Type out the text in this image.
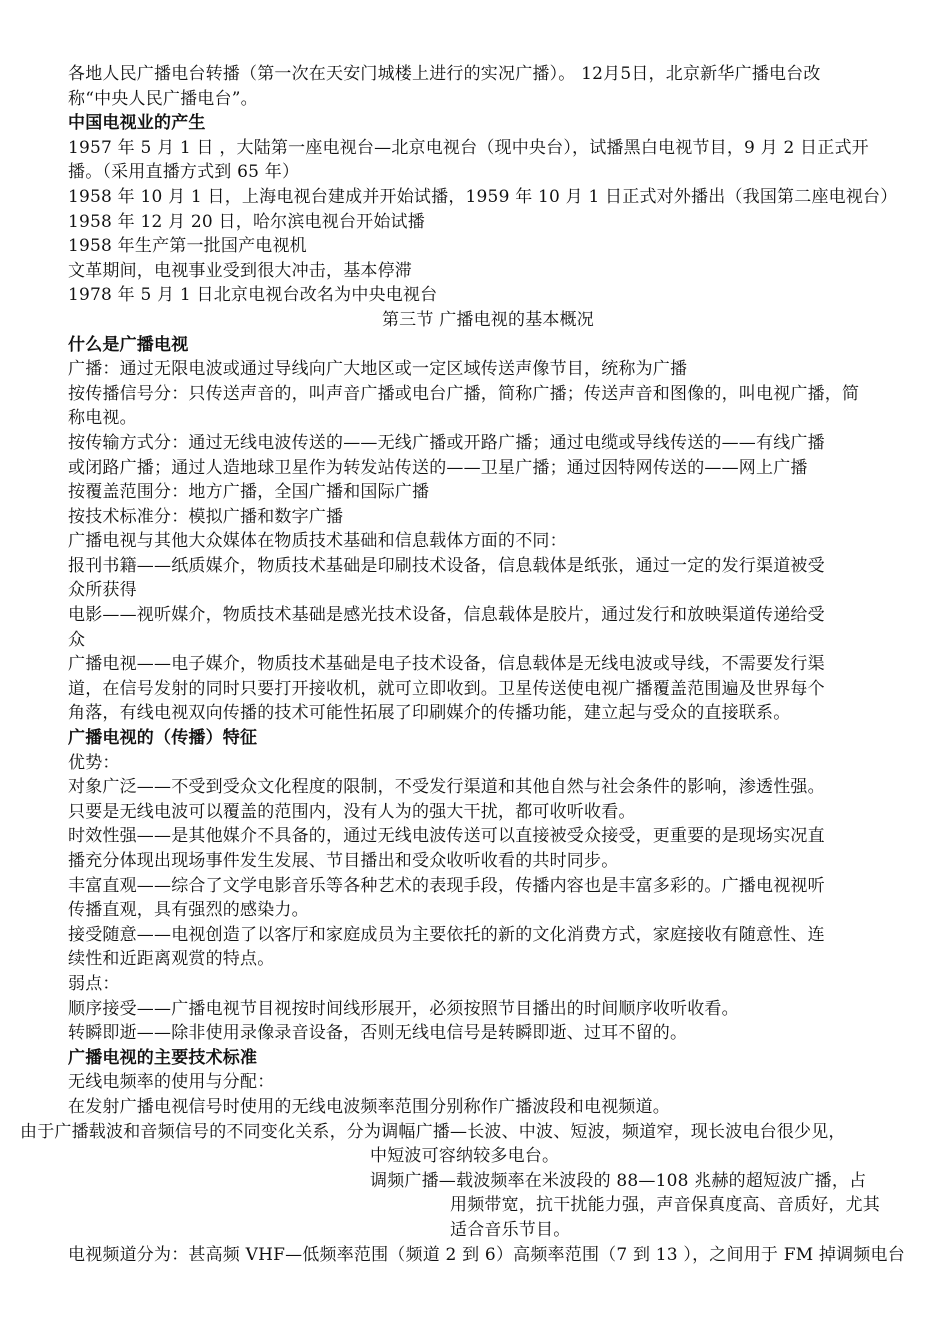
各地人民广播电台转播（第一次在天安门城楼上进行的实况广播）。 12月5日，北京新华广播电台改
称“中央人民广播电台”。
中国电视业的产生
1957 年 5 月 1 日 ，大陆第一座电视台—北京电视台（现中央台），试播黑白电视节目，9 月 2 日正式开
播。（采用直播方式到 65 年）
1958 年 10 月 1 日，上海电视台建成并开始试播，1959 年 10 月 1 日正式对外播出（我国第二座电视台）
1958 年 12 月 20 日，哈尔滨电视台开始试播
1958 年生产第一批国产电视机
文革期间，电视事业受到很大冲击，基本停滞
1978 年 5 月 1 日北京电视台改名为中央电视台
第三节 广播电视的基本概况
什么是广播电视
广播：通过无限电波或通过导线向广大地区或一定区域传送声像节目，统称为广播
按传播信号分：只传送声音的，叫声音广播或电台广播，简称广播；传送声音和图像的，叫电视广播，简
称电视。
按传输方式分：通过无线电波传送的——无线广播或开路广播；通过电缆或导线传送的——有线广播
或闭路广播；通过人造地球卫星作为转发站传送的——卫星广播；通过因特网传送的——网上广播
按覆盖范围分：地方广播，全国广播和国际广播
按技术标准分：模拟广播和数字广播
广播电视与其他大众媒体在物质技术基础和信息载体方面的不同：
报刊书籍——纸质媒介，物质技术基础是印刷技术设备，信息载体是纸张，通过一定的发行渠道被受
众所获得
电影——视听媒介，物质技术基础是感光技术设备，信息载体是胶片，通过发行和放映渠道传递给受
众
广播电视——电子媒介，物质技术基础是电子技术设备，信息载体是无线电波或导线，不需要发行渠
道，在信号发射的同时只要打开接收机，就可立即收到。卫星传送使电视广播覆盖范围遍及世界每个
角落，有线电视双向传播的技术可能性拓展了印刷媒介的传播功能，建立起与受众的直接联系。
广播电视的（传播）特征
优势：
对象广泛——不受到受众文化程度的限制，不受发行渠道和其他自然与社会条件的影响，渗透性强。
只要是无线电波可以覆盖的范围内，没有人为的强大干扰，都可收听收看。
时效性强——是其他媒介不具备的，通过无线电波传送可以直接被受众接受，更重要的是现场实况直
播充分体现出现场事件发生发展、节目播出和受众收听收看的共时同步。
丰富直观——综合了文学电影音乐等各种艺术的表现手段，传播内容也是丰富多彩的。广播电视视听
传播直观，具有强烈的感染力。
接受随意——电视创造了以客厅和家庭成员为主要依托的新的文化消费方式，家庭接收有随意性、连
续性和近距离观赏的特点。
弱点：
顺序接受——广播电视节目视按时间线形展开，必须按照节目播出的时间顺序收听收看。
转瞬即逝——除非使用录像录音设备，否则无线电信号是转瞬即逝、过耳不留的。
广播电视的主要技术标准
无线电频率的使用与分配：
在发射广播电视信号时使用的无线电波频率范围分别称作广播波段和电视频道。
由于广播载波和音频信号的不同变化关系，分为调幅广播—长波、中波、短波，频道窄，现长波电台很少见，
中短波可容纳较多电台。
调频广播—载波频率在米波段的 88—108 兆赫的超短波广播，占
用频带宽，抗干扰能力强，声音保真度高、音质好，尤其
适合音乐节目。
电视频道分为：甚高频 VHF—低频率范围（频道 2 到 6）高频率范围（7 到 13 ），之间用于 FM 掉调频电台
